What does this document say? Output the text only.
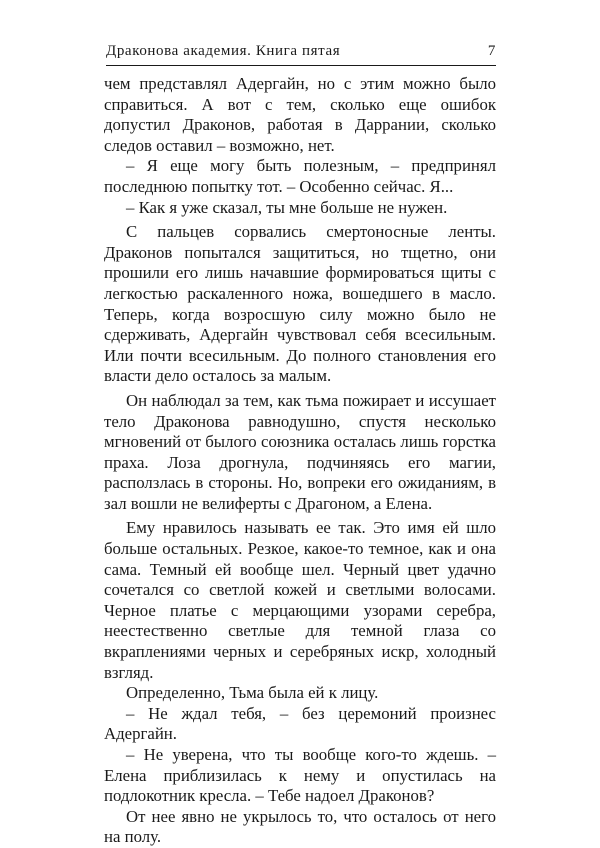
Драконова академия. Книга пятая	7

чем представлял Адергайн, но с этим можно было справиться. А вот с тем, сколько еще ошибок допустил Драконов, работая в Даррании, сколько следов оставил – возможно, нет.

– Я еще могу быть полезным, – предпринял последнюю попытку тот. – Особенно сейчас. Я...

– Как я уже сказал, ты мне больше не нужен.

С пальцев сорвались смертоносные ленты. Драконов попытался защититься, но тщетно, они прошили его лишь начавшие формироваться щиты с легкостью раскаленного ножа, вошедшего в масло. Теперь, когда возросшую силу можно было не сдерживать, Адергайн чувствовал себя всесильным. Или почти всесильным. До полного становления его власти дело осталось за малым.

Он наблюдал за тем, как тьма пожирает и иссушает тело Драконова равнодушно, спустя несколько мгновений от былого союзника осталась лишь горстка праха. Лоза дрогнула, подчиняясь его магии, расползлась в стороны. Но, вопреки его ожиданиям, в зал вошли не велиферты с Драгоном, а Елена.

Ему нравилось называть ее так. Это имя ей шло больше остальных. Резкое, какое-то темное, как и она сама. Темный ей вообще шел. Черный цвет удачно сочетался со светлой кожей и светлыми волосами. Черное платье с мерцающими узорами серебра, неестественно светлые для темной глаза со вкраплениями черных и серебряных искр, холодный взгляд.

Определенно, Тьма была ей к лицу.

– Не ждал тебя, – без церемоний произнес Адергайн.

– Не уверена, что ты вообще кого-то ждешь. – Елена приблизилась к нему и опустилась на подлокотник кресла. – Тебе надоел Драконов?

От нее явно не укрылось то, что осталось от него на полу.
